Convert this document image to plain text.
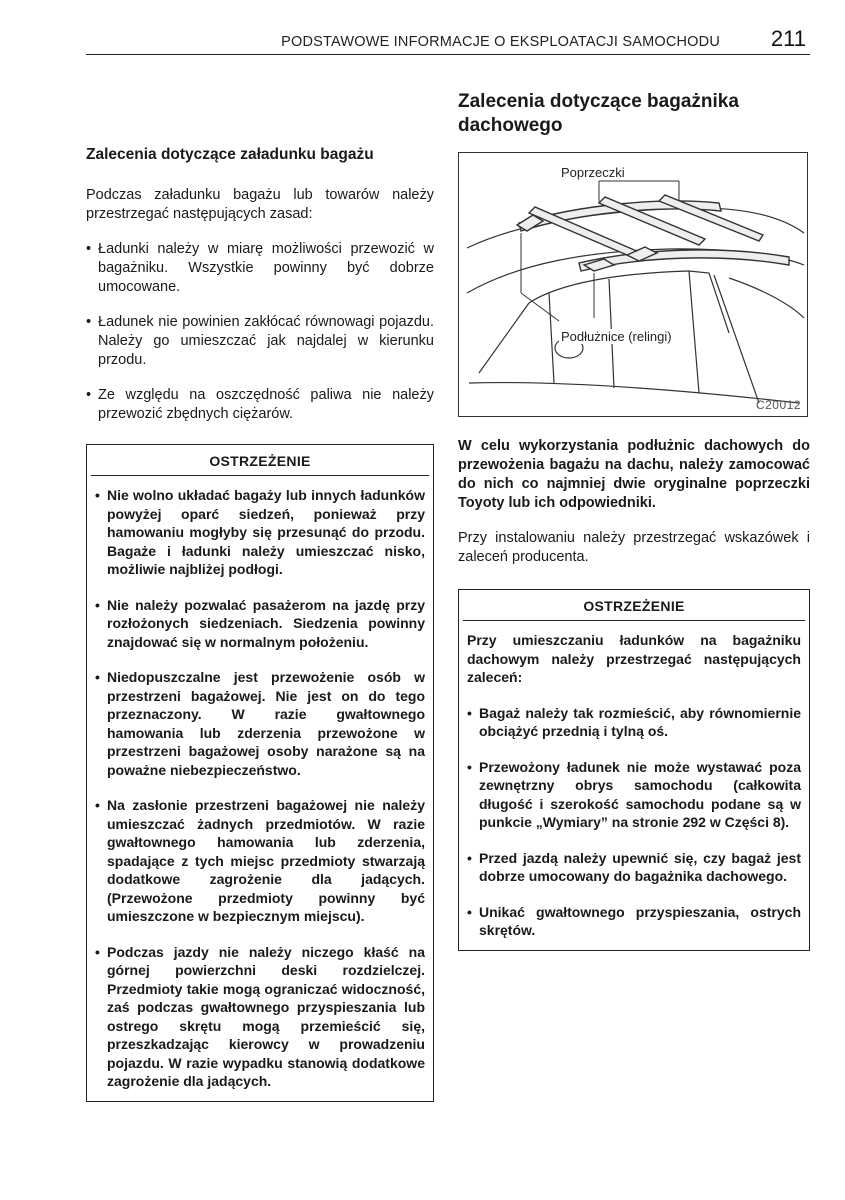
PODSTAWOWE INFORMACJE O EKSPLOATACJI SAMOCHODU 211
Zalecenia dotyczące załadunku bagażu

Podczas załadunku bagażu lub towarów należy przestrzegać następujących zasad:

• Ładunki należy w miarę możliwości przewozić w bagażniku. Wszystkie powinny być dobrze umocowane.
• Ładunek nie powinien zakłócać równowagi pojazdu. Należy go umieszczać jak najdalej w kierunku przodu.
• Ze względu na oszczędność paliwa nie należy przewozić zbędnych ciężarów.
OSTRZEŻENIE
• Nie wolno układać bagaży lub innych ładunków powyżej oparć siedzeń, ponieważ przy hamowaniu mogłyby się przesunąć do przodu. Bagaże i ładunki należy umieszczać nisko, możliwie najbliżej podłogi.
• Nie należy pozwalać pasażerom na jazdę przy rozłożonych siedzeniach. Siedzenia powinny znajdować się w normalnym położeniu.
• Niedopuszczalne jest przewożenie osób w przestrzeni bagażowej. Nie jest on do tego przeznaczony. W razie gwałtownego hamowania lub zderzenia przewożone w przestrzeni bagażowej osoby narażone są na poważne niebezpieczeństwo.
• Na zasłonie przestrzeni bagażowej nie należy umieszczać żadnych przedmiotów. W razie gwałtownego hamowania lub zderzenia, spadające z tych miejsc przedmioty stwarzają dodatkowe zagrożenie dla jadących. (Przewożone przedmioty powinny być umieszczone w bezpiecznym miejscu).
• Podczas jazdy nie należy niczego kłaść na górnej powierzchni deski rozdzielczej. Przedmioty takie mogą ograniczać widoczność, zaś podczas gwałtownego przyspieszania lub ostrego skrętu mogą przemieścić się, przeszkadzając kierowcy w prowadzeniu pojazdu. W razie wypadku stanowią dodatkowe zagrożenie dla jadących.
Zalecenia dotyczące bagażnika dachowego
Poprzeczki
Podłużnice (relingi)
C20012

W celu wykorzystania podłużnic dachowych do przewożenia bagażu na dachu, należy zamocować do nich co najmniej dwie oryginalne poprzeczki Toyoty lub ich odpowiedniki.

Przy instalowaniu należy przestrzegać wskazówek i zaleceń producenta.

OSTRZEŻENIE
Przy umieszczaniu ładunków na bagażniku dachowym należy przestrzegać następujących zaleceń:
• Bagaż należy tak rozmieścić, aby równomiernie obciążyć przednią i tylną oś.
• Przewożony ładunek nie może wystawać poza zewnętrzny obrys samochodu (całkowita długość i szerokość samochodu podane są w punkcie „Wymiary” na stronie 292 w Części 8).
• Przed jazdą należy upewnić się, czy bagaż jest dobrze umocowany do bagażnika dachowego.
• Unikać gwałtownego przyspieszania, ostrych skrętów.
